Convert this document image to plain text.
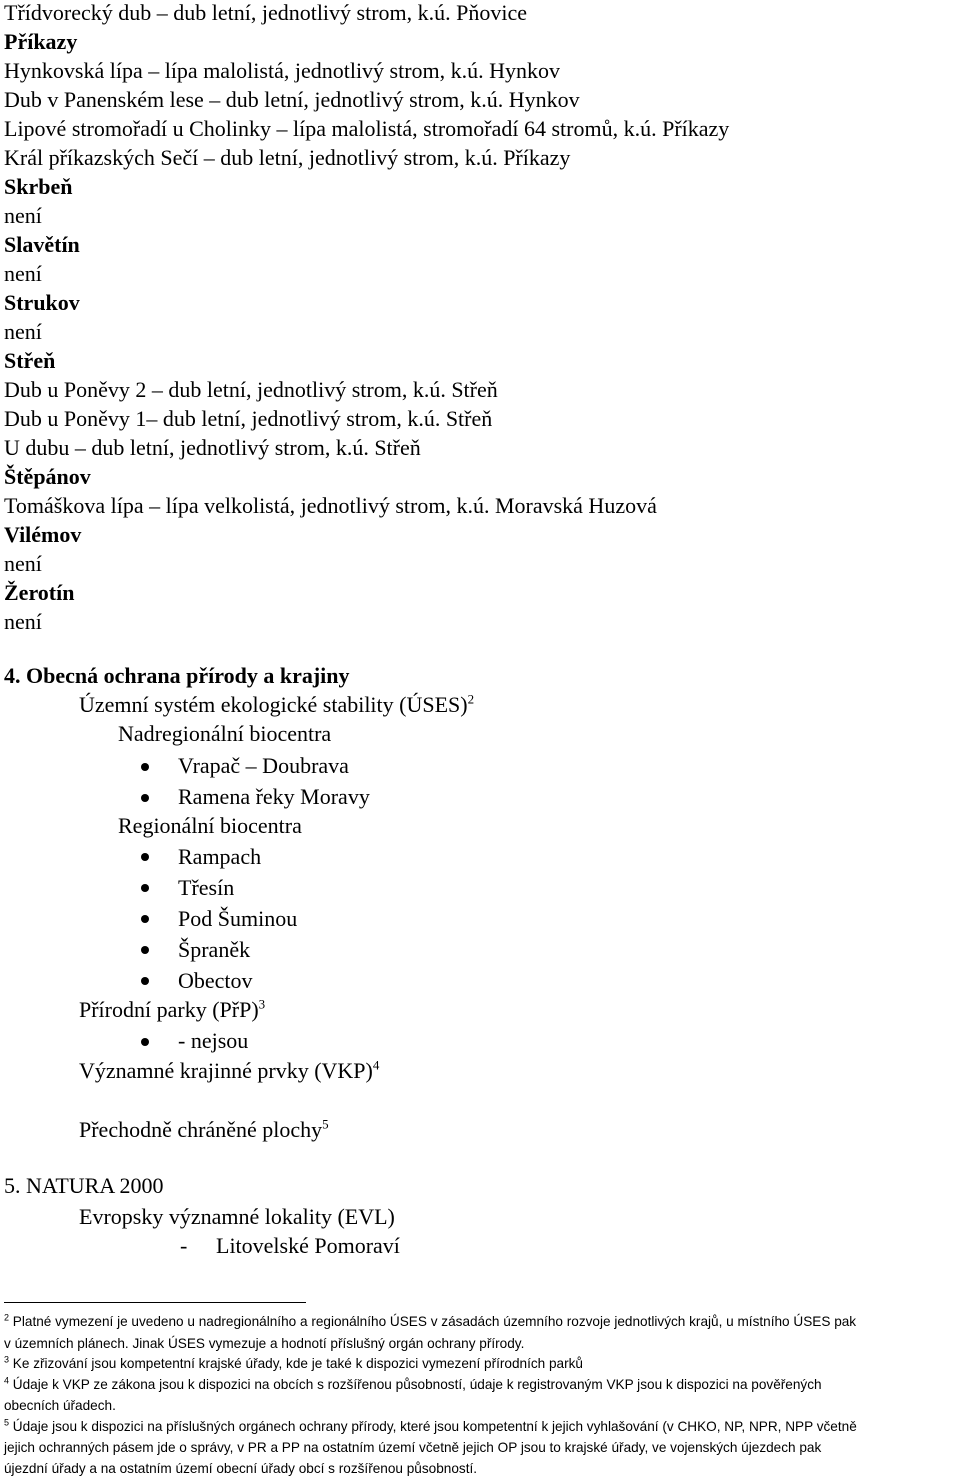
Třídvorecký dub – dub letní, jednotlivý strom, k.ú. Pňovice
Příkazy
Hynkovská lípa – lípa malolistá, jednotlivý strom, k.ú. Hynkov
Dub v Panenském lese – dub letní, jednotlivý strom, k.ú. Hynkov
Lipové stromořadí u Cholinky – lípa malolistá, stromořadí 64 stromů, k.ú. Příkazy
Král příkazských Sečí – dub letní, jednotlivý strom, k.ú. Příkazy
Skrbeň
není
Slavětín
není
Strukov
není
Střeň
Dub u Poněvy 2 – dub letní, jednotlivý strom, k.ú. Střeň
Dub u Poněvy 1– dub letní, jednotlivý strom, k.ú. Střeň
U dubu – dub letní, jednotlivý strom, k.ú. Střeň
Štěpánov
Tomáškova lípa – lípa velkolistá, jednotlivý strom, k.ú. Moravská Huzová
Vilémov
není
Žerotín
není
4. Obecná ochrana přírody a krajiny
Územní systém ekologické stability (ÚSES)$^2$
Nadregionální biocentra
Vrapač – Doubrava
Ramena řeky Moravy
Regionální biocentra
Rampach
Třesín
Pod Šuminou
Špraněk
Obectov
Přírodní parky (PřP)$^3$
- nejsou
Významné krajinné prvky (VKP)$^4$
Přechodně chráněné plochy$^5$
5. NATURA 2000
Evropsky významné lokality (EVL)
- Litovelské Pomoraví
$^2$ Platné vymezení je uvedeno u nadregionálního a regionálního ÚSES v zásadách územního rozvoje jednotlivých krajů, u místního ÚSES pak
v územních plánech. Jinak ÚSES vymezuje a hodnotí příslušný orgán ochrany přírody.
$^3$ Ke zřizování jsou kompetentní krajské úřady, kde je také k dispozici vymezení přírodních parků
$^4$ Údaje k VKP ze zákona jsou k dispozici na obcích s rozšířenou působností, údaje k registrovaným VKP jsou k dispozici na pověřených
obecních úřadech.
$^5$ Údaje jsou k dispozici na příslušných orgánech ochrany přírody, které jsou kompetentní k jejich vyhlašování (v CHKO, NP, NPR, NPP včetně
jejich ochranných pásem jde o správy, v PR a PP na ostatním území včetně jejich OP jsou to krajské úřady, ve vojenských újezdech pak
újezdní úřady a na ostatním území obecní úřady obcí s rozšířenou působností.
